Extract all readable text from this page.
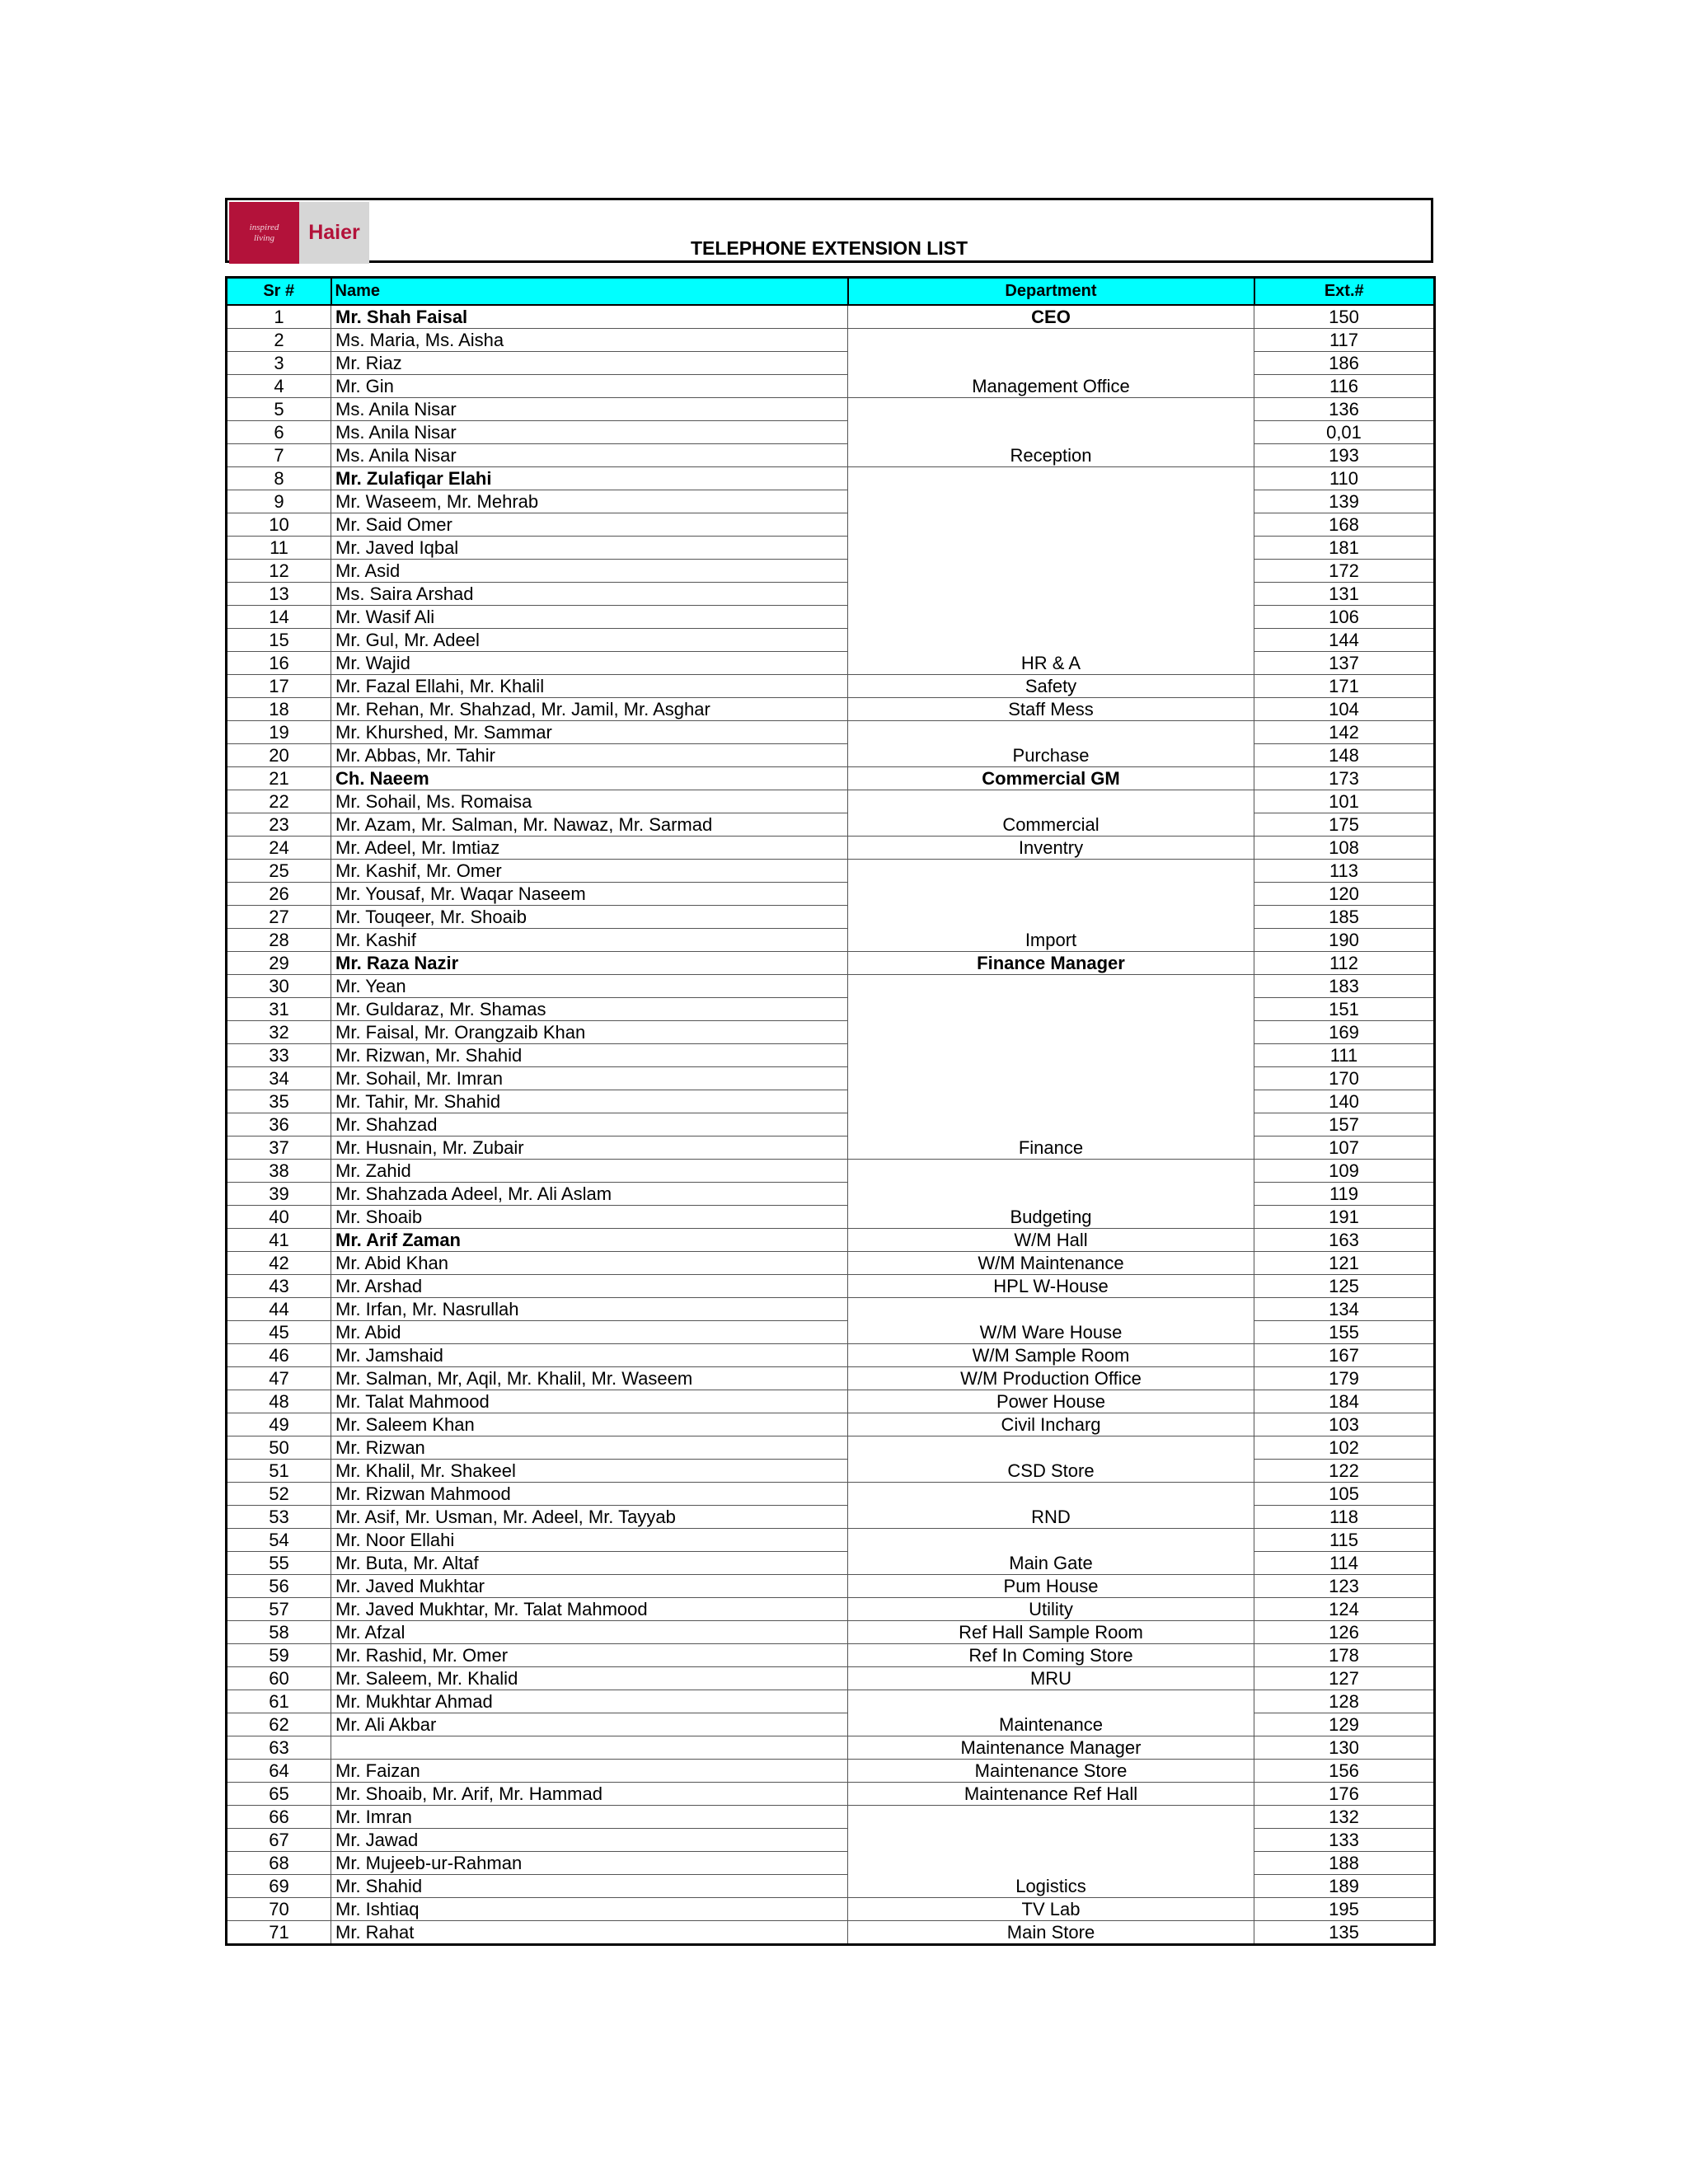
inspired
living Haier
TELEPHONE EXTENSION LIST
Sr #	Name	Department	Ext.#
1	Mr. Shah Faisal	CEO	150
2	Ms. Maria, Ms. Aisha	Management Office	117
3	Mr. Riaz		186
4	Mr. Gin		116
5	Ms. Anila Nisar	Reception	136
6	Ms. Anila Nisar		0,01
7	Ms. Anila Nisar		193
8	Mr. Zulafiqar Elahi	HR & A	110
9	Mr. Waseem, Mr. Mehrab		139
10	Mr. Said Omer		168
11	Mr. Javed Iqbal		181
12	Mr. Asid		172
13	Ms. Saira Arshad		131
14	Mr. Wasif Ali		106
15	Mr. Gul, Mr. Adeel		144
16	Mr. Wajid		137
17	Mr. Fazal Ellahi, Mr. Khalil	Safety	171
18	Mr. Rehan, Mr. Shahzad, Mr. Jamil, Mr. Asghar	Staff Mess	104
19	Mr. Khurshed, Mr. Sammar	Purchase	142
20	Mr. Abbas, Mr. Tahir		148
21	Ch. Naeem	Commercial GM	173
22	Mr. Sohail, Ms. Romaisa	Commercial	101
23	Mr. Azam, Mr. Salman, Mr. Nawaz, Mr. Sarmad		175
24	Mr. Adeel, Mr. Imtiaz	Inventry	108
25	Mr. Kashif, Mr. Omer	Import	113
26	Mr. Yousaf, Mr. Waqar Naseem		120
27	Mr. Touqeer, Mr. Shoaib		185
28	Mr. Kashif		190
29	Mr. Raza Nazir	Finance Manager	112
30	Mr. Yean	Finance	183
31	Mr. Guldaraz, Mr. Shamas		151
32	Mr. Faisal, Mr. Orangzaib Khan		169
33	Mr. Rizwan, Mr. Shahid		111
34	Mr. Sohail, Mr. Imran		170
35	Mr. Tahir, Mr. Shahid		140
36	Mr. Shahzad		157
37	Mr. Husnain, Mr. Zubair		107
38	Mr. Zahid	Budgeting	109
39	Mr. Shahzada Adeel, Mr. Ali Aslam		119
40	Mr. Shoaib		191
41	Mr. Arif Zaman	W/M Hall	163
42	Mr. Abid Khan	W/M Maintenance	121
43	Mr. Arshad	HPL W-House	125
44	Mr. Irfan, Mr. Nasrullah	W/M Ware House	134
45	Mr. Abid		155
46	Mr. Jamshaid	W/M Sample Room	167
47	Mr. Salman, Mr, Aqil, Mr. Khalil, Mr. Waseem	W/M Production Office	179
48	Mr. Talat Mahmood	Power House	184
49	Mr. Saleem Khan	Civil Incharg	103
50	Mr. Rizwan	CSD Store	102
51	Mr. Khalil, Mr. Shakeel		122
52	Mr. Rizwan Mahmood	RND	105
53	Mr. Asif, Mr. Usman, Mr. Adeel, Mr. Tayyab		118
54	Mr. Noor Ellahi	Main Gate	115
55	Mr. Buta, Mr. Altaf		114
56	Mr. Javed Mukhtar	Pum House	123
57	Mr. Javed Mukhtar, Mr. Talat Mahmood	Utility	124
58	Mr. Afzal	Ref Hall Sample Room	126
59	Mr. Rashid, Mr. Omer	Ref In Coming Store	178
60	Mr. Saleem, Mr. Khalid	MRU	127
61	Mr. Mukhtar Ahmad	Maintenance	128
62	Mr. Ali Akbar		129
63		Maintenance Manager	130
64	Mr. Faizan	Maintenance Store	156
65	Mr. Shoaib, Mr. Arif, Mr. Hammad	Maintenance Ref Hall	176
66	Mr. Imran	Logistics	132
67	Mr. Jawad		133
68	Mr. Mujeeb-ur-Rahman		188
69	Mr. Shahid		189
70	Mr. Ishtiaq	TV Lab	195
71	Mr. Rahat	Main Store	135
